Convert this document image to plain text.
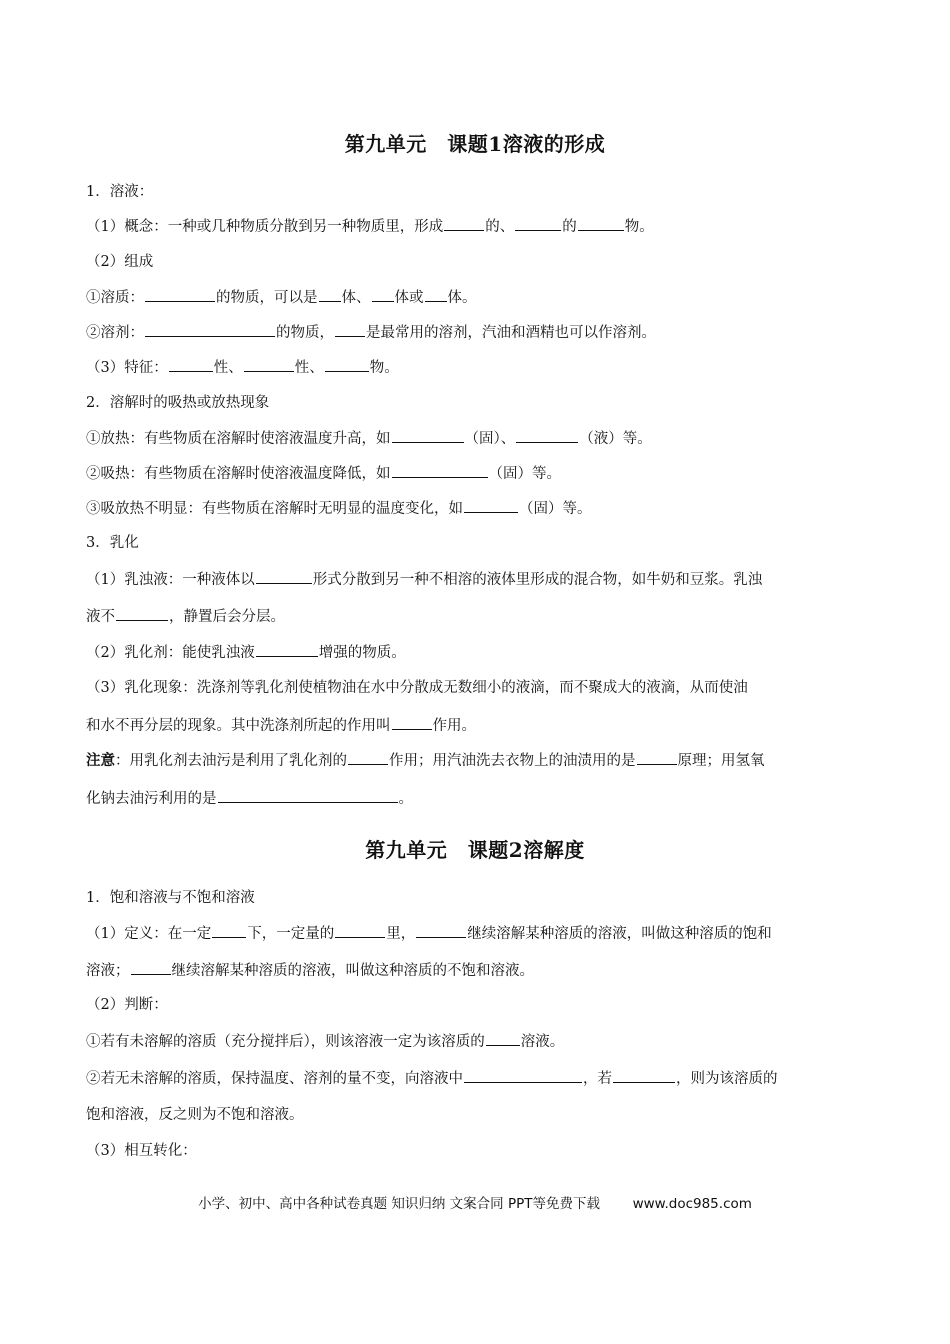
第九单元　课题1溶液的形成
1．溶液：
（1）概念：一种或几种物质分散到另一种物质里，形成	的、	的	物。
（2）组成
①溶质：	的物质，可以是 体、 体或 体。
②溶剂：	的物质， 是最常用的溶剂，汽油和酒精也可以作溶剂。
（3）特征：	性、	性、	物。
2．溶解时的吸热或放热现象
①放热：有些物质在溶解时使溶液温度升高，如	（固）、	（液）等。
②吸热：有些物质在溶解时使溶液温度降低，如	（固）等。
③吸放热不明显：有些物质在溶解时无明显的温度变化，如	（固）等。
3．乳化
（1）乳浊液：一种液体以	形式分散到另一种不相溶的液体里形成的混合物，如牛奶和豆浆。乳浊
液不	，静置后会分层。
（2）乳化剂：能使乳浊液	增强的物质。
（3）乳化现象：洗涤剂等乳化剂使植物油在水中分散成无数细小的液滴，而不聚成大的液滴，从而使油
和水不再分层的现象。其中洗涤剂所起的作用叫	作用。
注意：用乳化剂去油污是利用了乳化剂的	作用；用汽油洗去衣物上的油渍用的是	原理；用氢氧
化钠去油污利用的是	。
第九单元　课题2溶解度
1．饱和溶液与不饱和溶液
（1）定义：在一定 下，一定量的	里，	继续溶解某种溶质的溶液，叫做这种溶质的饱和
溶液；	继续溶解某种溶质的溶液，叫做这种溶质的不饱和溶液。
（2）判断：
①若有未溶解的溶质（充分搅拌后），则该溶液一定为该溶质的 溶液。
②若无未溶解的溶质，保持温度、溶剂的量不变，向溶液中	，若	，则为该溶质的
饱和溶液，反之则为不饱和溶液。
（3）相互转化：
小学、初中、高中各种试卷真题 知识归纳 文案合同 PPT等免费下载 www.doc985.com
